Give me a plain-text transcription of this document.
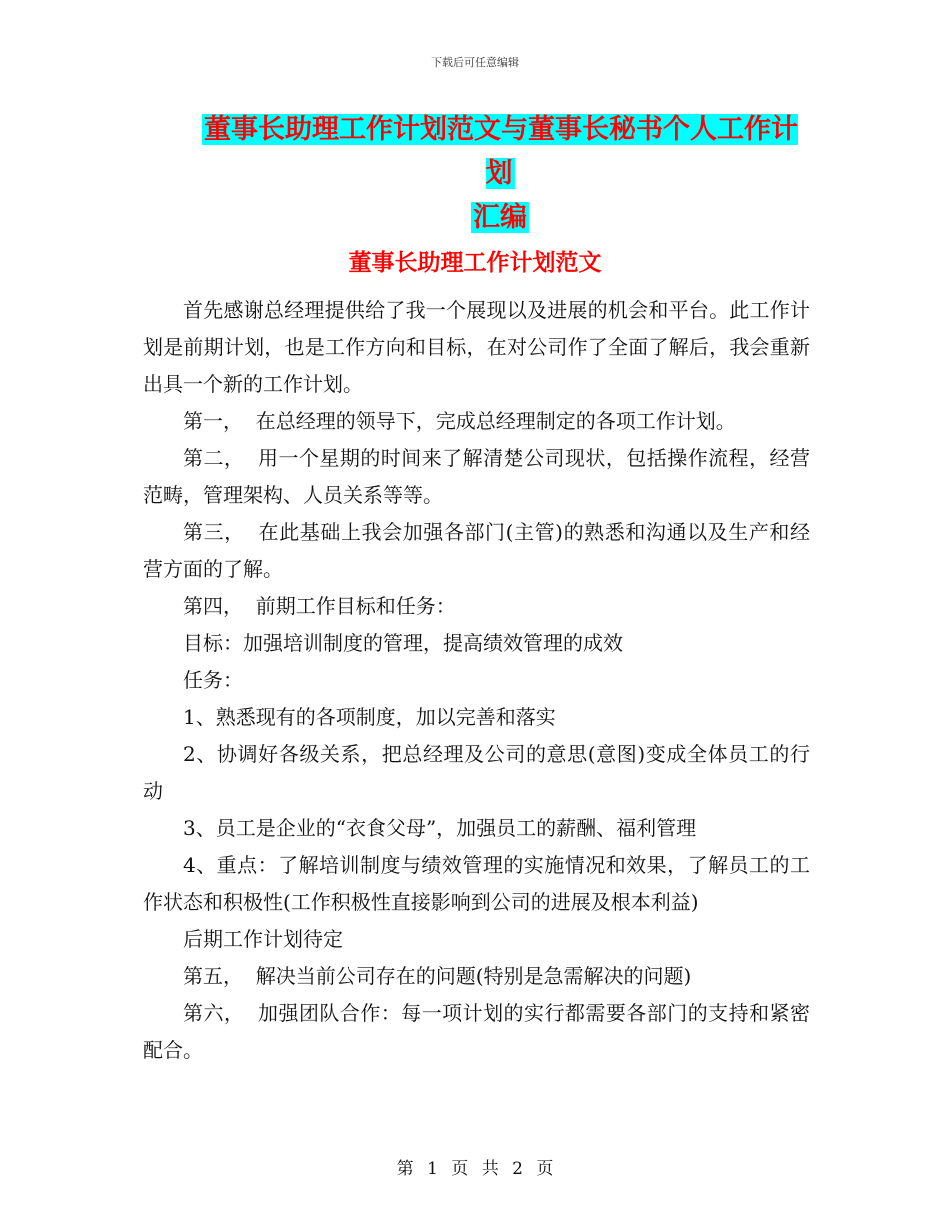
下载后可任意编辑
董事长助理工作计划范文与董事长秘书个人工作计划
汇编
董事长助理工作计划范文

首先感谢总经理提供给了我一个展现以及进展的机会和平台。此工作计划是前期计划，也是工作方向和目标，在对公司作了全面了解后，我会重新出具一个新的工作计划。

第一，  在总经理的领导下，完成总经理制定的各项工作计划。

第二，  用一个星期的时间来了解清楚公司现状，包括操作流程，经营范畴，管理架构、人员关系等等。

第三，  在此基础上我会加强各部门(主管)的熟悉和沟通以及生产和经营方面的了解。

第四，  前期工作目标和任务：

目标：加强培训制度的管理，提高绩效管理的成效

任务：

1、熟悉现有的各项制度，加以完善和落实

2、协调好各级关系，把总经理及公司的意思(意图)变成全体员工的行动

3、员工是企业的“衣食父母”，加强员工的薪酬、福利管理

4、重点：了解培训制度与绩效管理的实施情况和效果，了解员工的工作状态和积极性(工作积极性直接影响到公司的进展及根本利益)

后期工作计划待定

第五，  解决当前公司存在的问题(特别是急需解决的问题)

第六，  加强团队合作：每一项计划的实行都需要各部门的支持和紧密配合。

第 1 页 共 2 页
